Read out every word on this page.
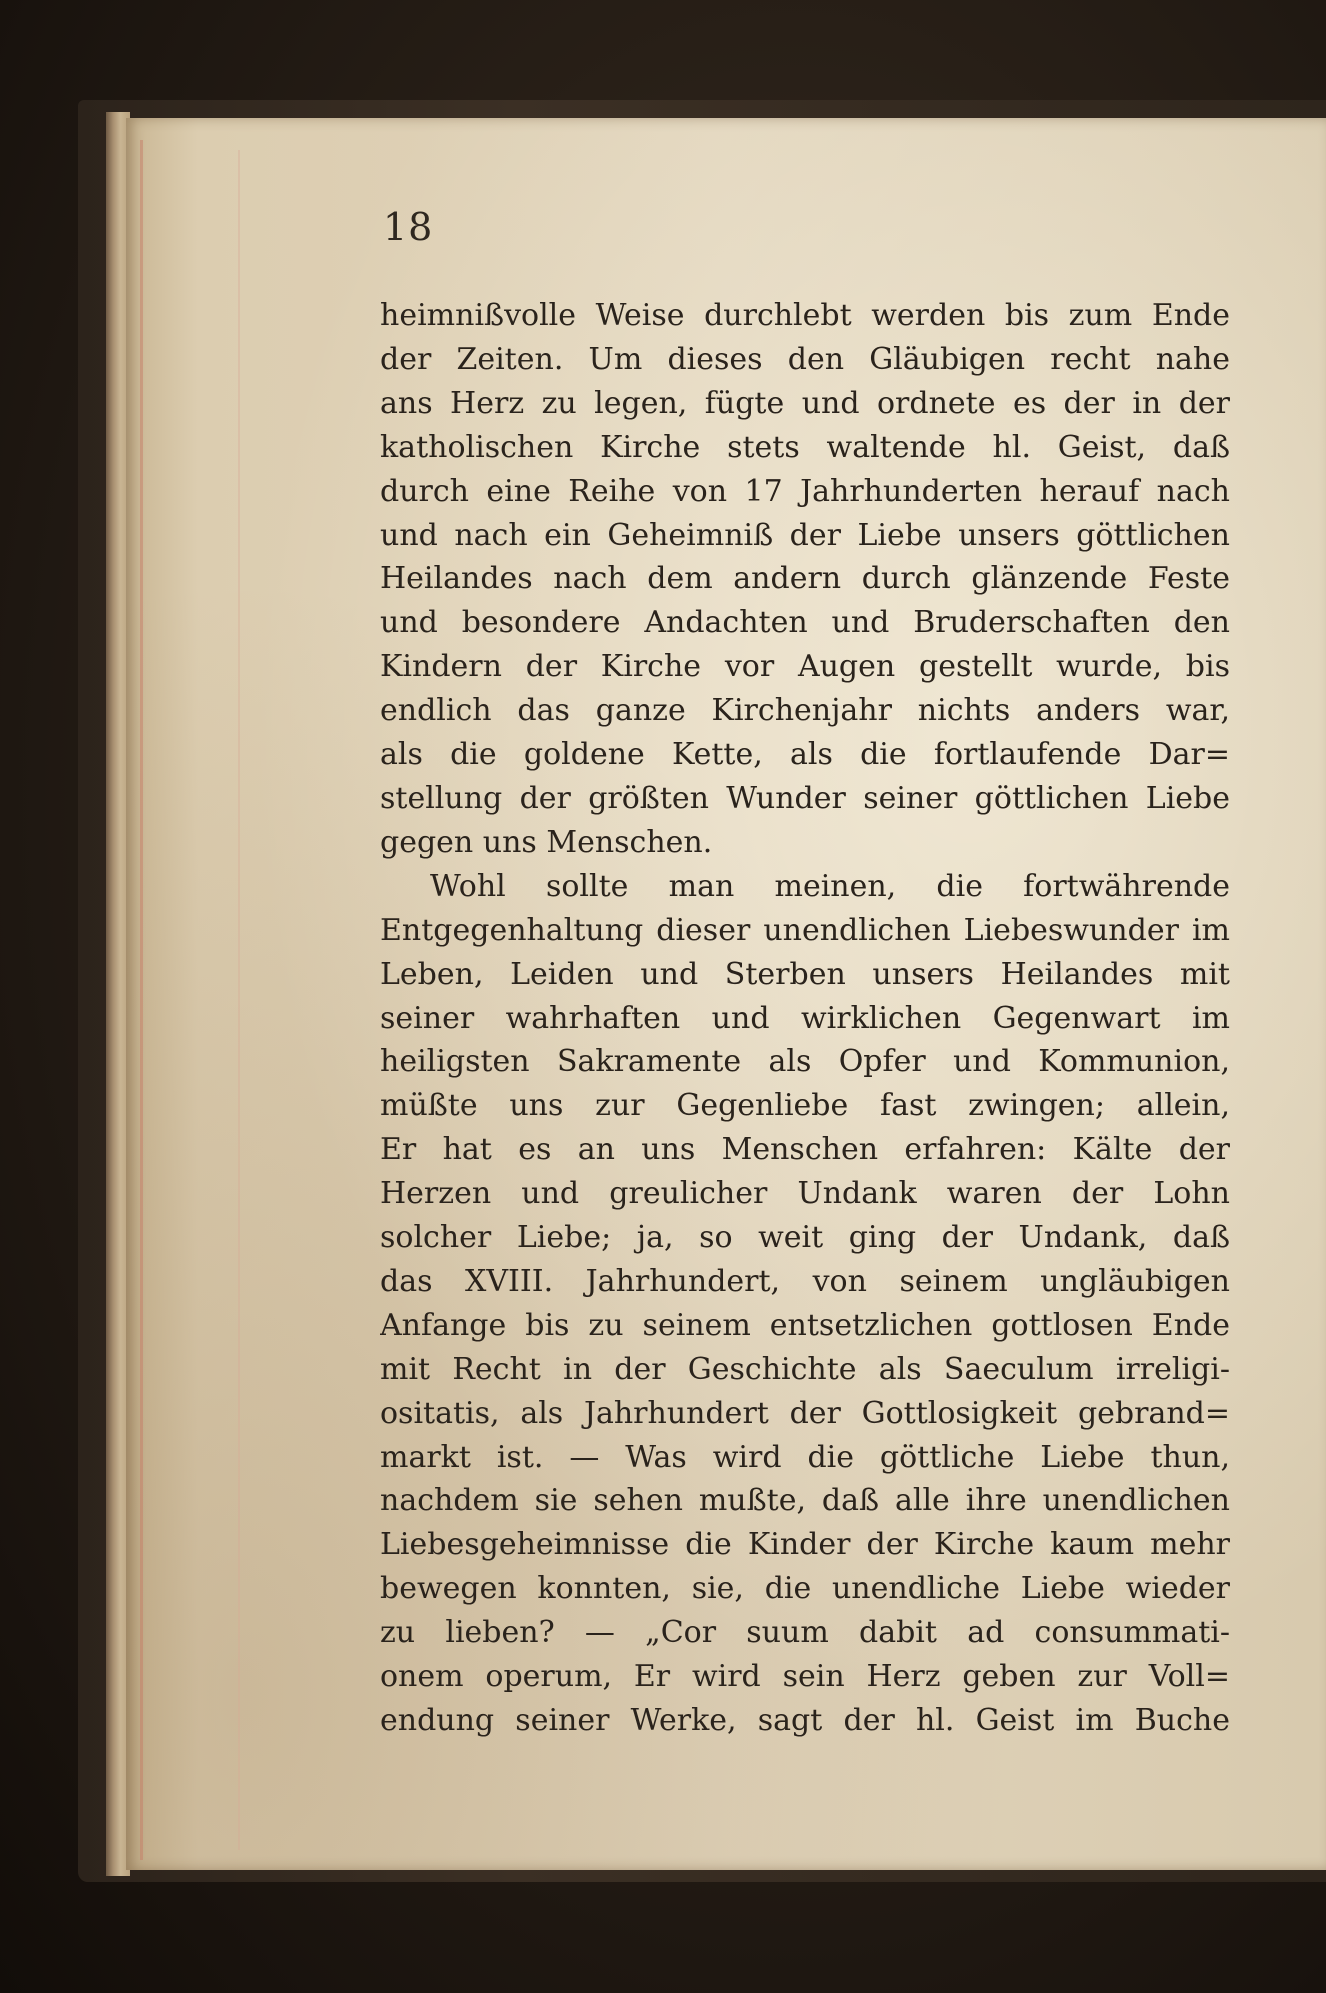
18
heimnißvolle Weise durchlebt werden bis zum Ende
der Zeiten. Um dieses den Gläubigen recht nahe
ans Herz zu legen, fügte und ordnete es der in der
katholischen Kirche stets waltende hl. Geist, daß
durch eine Reihe von 17 Jahrhunderten herauf nach
und nach ein Geheimniß der Liebe unsers göttlichen
Heilandes nach dem andern durch glänzende Feste
und besondere Andachten und Bruderschaften den
Kindern der Kirche vor Augen gestellt wurde, bis
endlich das ganze Kirchenjahr nichts anders war,
als die goldene Kette, als die fortlaufende Dar=
stellung der größten Wunder seiner göttlichen Liebe
gegen uns Menschen.
Wohl sollte man meinen, die fortwährende
Entgegenhaltung dieser unendlichen Liebeswunder im
Leben, Leiden und Sterben unsers Heilandes mit
seiner wahrhaften und wirklichen Gegenwart im
heiligsten Sakramente als Opfer und Kommunion,
müßte uns zur Gegenliebe fast zwingen; allein,
Er hat es an uns Menschen erfahren: Kälte der
Herzen und greulicher Undank waren der Lohn
solcher Liebe; ja, so weit ging der Undank, daß
das XVIII. Jahrhundert, von seinem ungläubigen
Anfange bis zu seinem entsetzlichen gottlosen Ende
mit Recht in der Geschichte als Saeculum irreligi-
ositatis, als Jahrhundert der Gottlosigkeit gebrand=
markt ist. — Was wird die göttliche Liebe thun,
nachdem sie sehen mußte, daß alle ihre unendlichen
Liebesgeheimnisse die Kinder der Kirche kaum mehr
bewegen konnten, sie, die unendliche Liebe wieder
zu lieben? — „Cor suum dabit ad consummati-
onem operum, Er wird sein Herz geben zur Voll=
endung seiner Werke, sagt der hl. Geist im Buche
